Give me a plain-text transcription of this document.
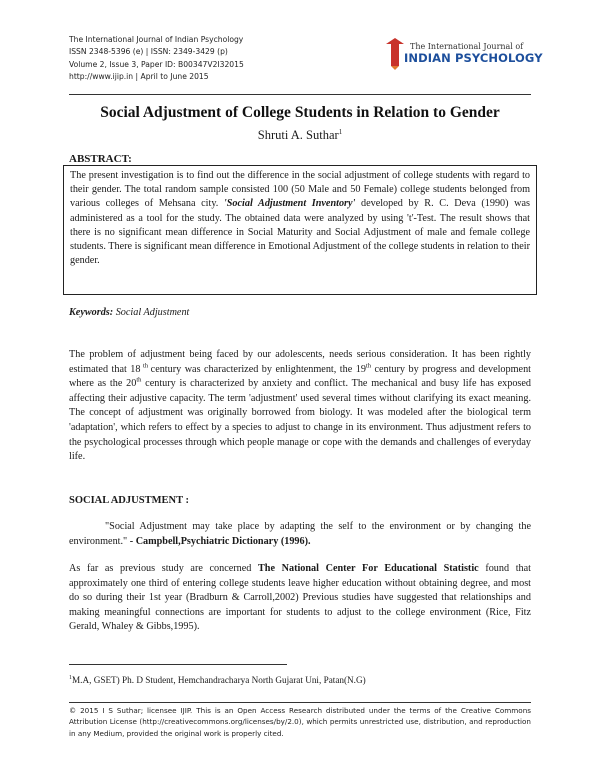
The International Journal of Indian Psychology
ISSN 2348-5396 (e) | ISSN: 2349-3429 (p)
Volume 2, Issue 3, Paper ID: B00347V2I32015
http://www.ijip.in | April to June 2015
The International Journal of
INDIAN PSYCHOLOGY
Social Adjustment of College Students in Relation to Gender
Shruti A. Suthar$^1$
ABSTRACT:
The present investigation is to find out the difference in the social adjustment of college students with regard to their gender. The total random sample consisted 100 (50 Male and 50 Female) college students belonged from various colleges of Mehsana city. 'Social Adjustment Inventory' developed by R. C. Deva (1990) was administered as a tool for the study. The obtained data were analyzed by using 't'-Test. The result shows that there is no significant mean difference in Social Maturity and Social Adjustment of male and female college students. There is significant mean difference in Emotional Adjustment of the college students in relation to their gender.
Keywords: Social Adjustment
The problem of adjustment being faced by our adolescents, needs serious consideration. It has been rightly estimated that 18 $^{th}$ century was characterized by enlightenment, the 19th century by progress and development where as the 20th century is characterized by anxiety and conflict. The mechanical and busy life has exposed affecting their adjustive capacity. The term 'adjustment' used several times without clarifying its exact meaning. The concept of adjustment was originally borrowed from biology. It was modeled after the biological term 'adaptation', which refers to effect by a species to adjust to change in its environment. Thus adjustment refers to the psychological processes through which people manage or cope with the demands and challenges of everyday life.
SOCIAL ADJUSTMENT :
"Social Adjustment may take place by adapting the self to the environment or by changing the environment." - Campbell,Psychiatric Dictionary (1996).
As far as previous study are concerned The National Center For Educational Statistic found that approximately one third of entering college students leave higher education without obtaining degree, and most do so during their 1st year (Bradburn & Carroll,2002) Previous studies have suggested that relationships and making meaningful connections are important for students to adjust to the college environment (Rice, Fitz Gerald, Whaley & Gibbs,1995).
$^1$M.A, GSET) Ph. D Student, Hemchandracharya North Gujarat Uni, Patan(N.G)
© 2015 I S Suthar; licensee IJIP. This is an Open Access Research distributed under the terms of the Creative Commons Attribution License (http://creativecommons.org/licenses/by/2.0), which permits unrestricted use, distribution, and reproduction in any Medium, provided the original work is properly cited.
